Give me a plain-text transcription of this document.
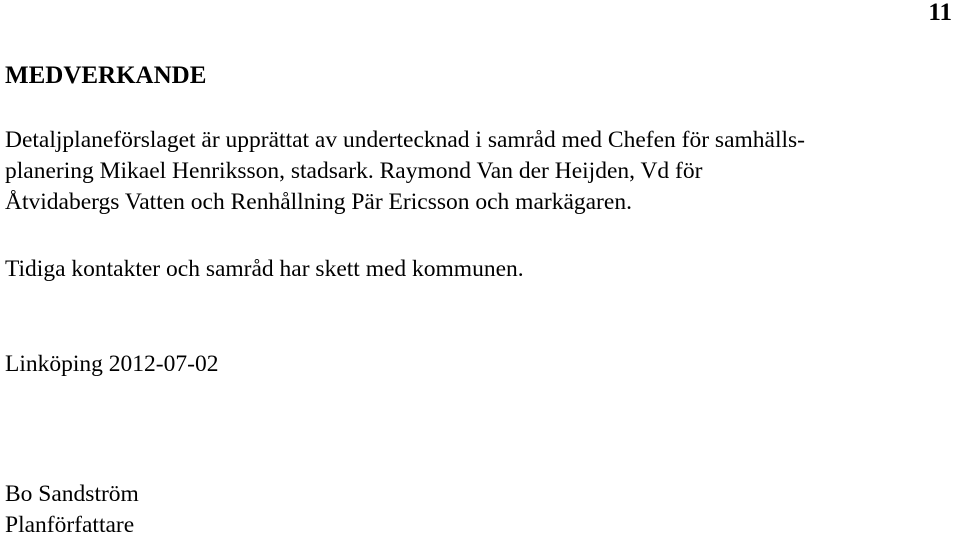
11
MEDVERKANDE

Detaljplaneförslaget är upprättat av undertecknad i samråd med Chefen för samhälls-
planering Mikael Henriksson, stadsark. Raymond Van der Heijden, Vd för
Åtvidabergs Vatten och Renhållning Pär Ericsson och markägaren.

Tidiga kontakter och samråd har skett med kommunen.

Linköping 2012-07-02

Bo Sandström
Planförfattare
